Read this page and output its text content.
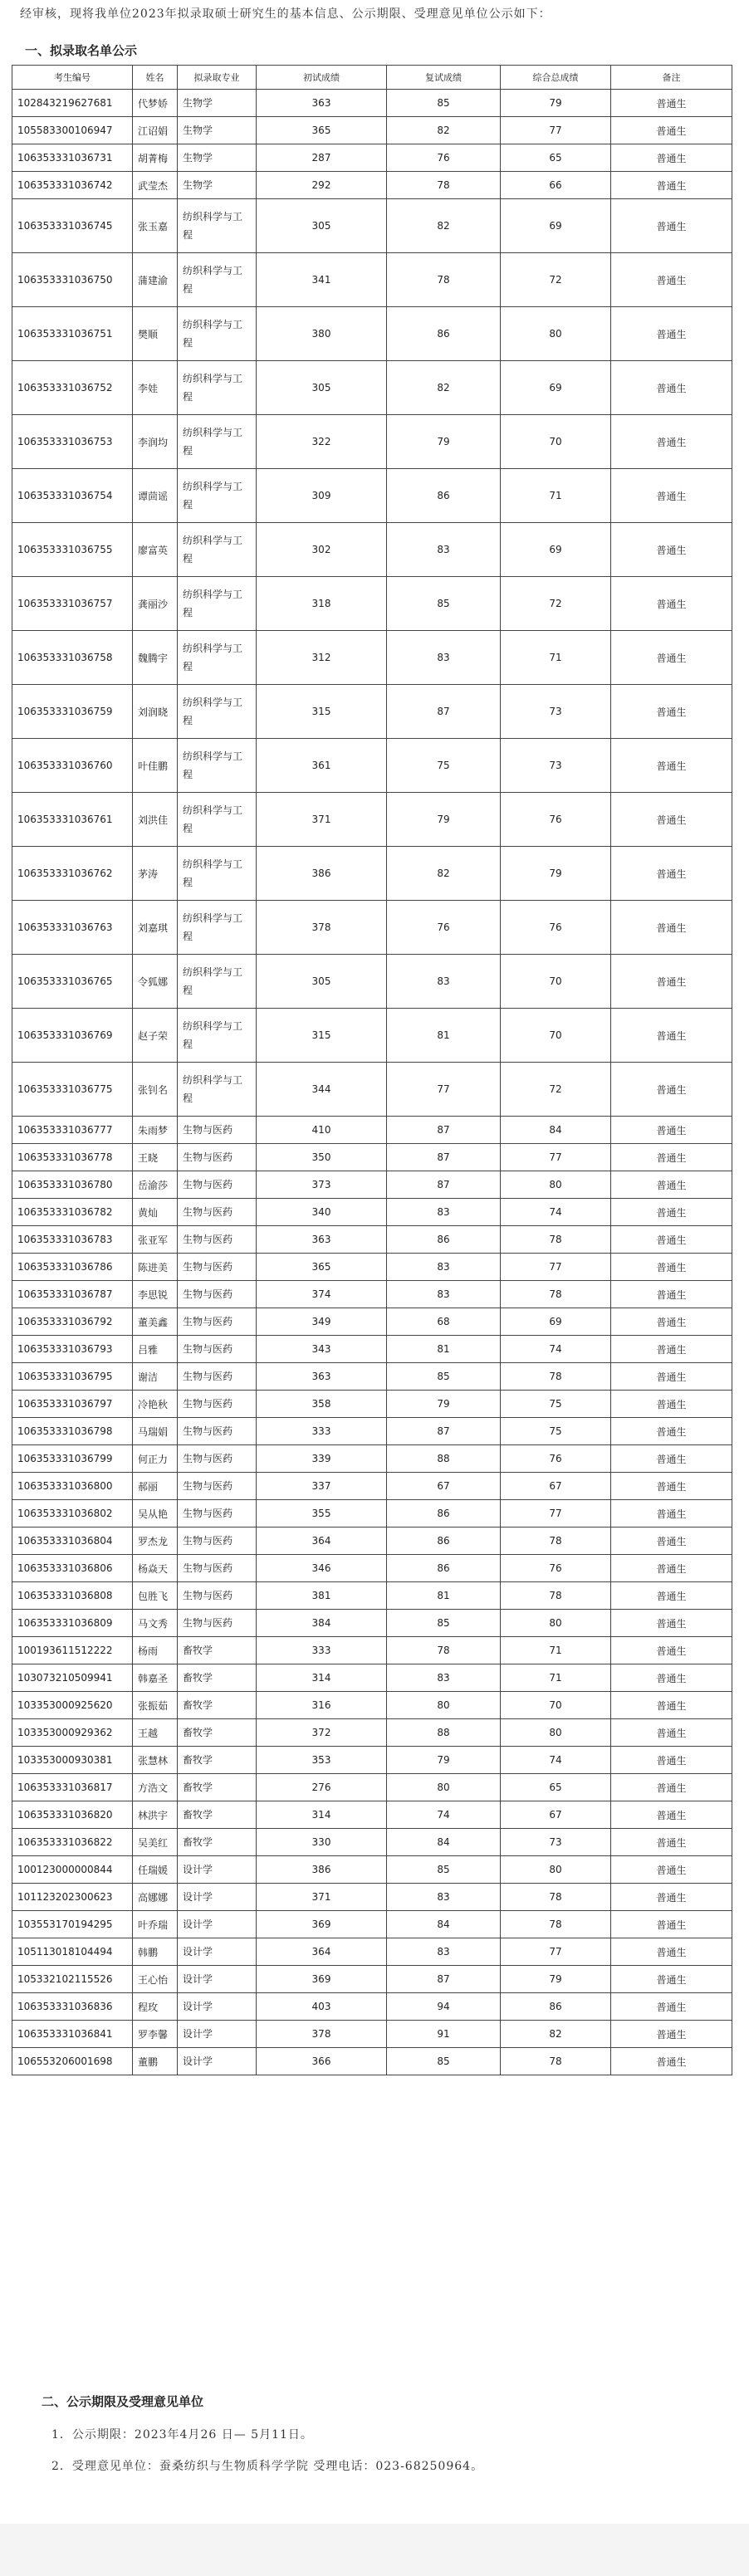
经审核，现将我单位2023年拟录取硕士研究生的基本信息、公示期限、受理意见单位公示如下：
一、拟录取名单公示
考生编号	姓名	拟录取专业	初试成绩	复试成绩	综合总成绩	备注
102843219627681	代梦娇	生物学	363	85	79	普通生
105583300106947	江诏娟	生物学	365	82	77	普通生
106353331036731	胡菁梅	生物学	287	76	65	普通生
106353331036742	武莹杰	生物学	292	78	66	普通生
106353331036745	张玉嘉	纺织科学与工程	305	82	69	普通生
106353331036750	蒲建渝	纺织科学与工程	341	78	72	普通生
106353331036751	樊顺	纺织科学与工程	380	86	80	普通生
106353331036752	李娃	纺织科学与工程	305	82	69	普通生
106353331036753	李润均	纺织科学与工程	322	79	70	普通生
106353331036754	谭茴谣	纺织科学与工程	309	86	71	普通生
106353331036755	廖富英	纺织科学与工程	302	83	69	普通生
106353331036757	龚丽沙	纺织科学与工程	318	85	72	普通生
106353331036758	魏腾宇	纺织科学与工程	312	83	71	普通生
106353331036759	刘润晓	纺织科学与工程	315	87	73	普通生
106353331036760	叶佳鹏	纺织科学与工程	361	75	73	普通生
106353331036761	刘洪佳	纺织科学与工程	371	79	76	普通生
106353331036762	茅涛	纺织科学与工程	386	82	79	普通生
106353331036763	刘嘉琪	纺织科学与工程	378	76	76	普通生
106353331036765	令狐娜	纺织科学与工程	305	83	70	普通生
106353331036769	赵子荣	纺织科学与工程	315	81	70	普通生
106353331036775	张钊名	纺织科学与工程	344	77	72	普通生
106353331036777	朱雨梦	生物与医药	410	87	84	普通生
106353331036778	王晓	生物与医药	350	87	77	普通生
106353331036780	岳渝莎	生物与医药	373	87	80	普通生
106353331036782	黄灿	生物与医药	340	83	74	普通生
106353331036783	张亚军	生物与医药	363	86	78	普通生
106353331036786	陈进美	生物与医药	365	83	77	普通生
106353331036787	李思锐	生物与医药	374	83	78	普通生
106353331036792	董美鑫	生物与医药	349	68	69	普通生
106353331036793	吕雅	生物与医药	343	81	74	普通生
106353331036795	谢洁	生物与医药	363	85	78	普通生
106353331036797	冷艳秋	生物与医药	358	79	75	普通生
106353331036798	马瑞娟	生物与医药	333	87	75	普通生
106353331036799	何正力	生物与医药	339	88	76	普通生
106353331036800	郝丽	生物与医药	337	67	67	普通生
106353331036802	吴从艳	生物与医药	355	86	77	普通生
106353331036804	罗杰龙	生物与医药	364	86	78	普通生
106353331036806	杨焱天	生物与医药	346	86	76	普通生
106353331036808	包胜飞	生物与医药	381	81	78	普通生
106353331036809	马文秀	生物与医药	384	85	80	普通生
100193611512222	杨雨	畜牧学	333	78	71	普通生
103073210509941	韩嘉圣	畜牧学	314	83	71	普通生
103353000925620	张振茹	畜牧学	316	80	70	普通生
103353000929362	王越	畜牧学	372	88	80	普通生
103353000930381	张慧林	畜牧学	353	79	74	普通生
106353331036817	方浩文	畜牧学	276	80	65	普通生
106353331036820	林洪宇	畜牧学	314	74	67	普通生
106353331036822	吴美红	畜牧学	330	84	73	普通生
100123000000844	任瑞媛	设计学	386	85	80	普通生
101123202300623	高娜娜	设计学	371	83	78	普通生
103553170194295	叶乔瑞	设计学	369	84	78	普通生
105113018104494	韩鹏	设计学	364	83	77	普通生
105332102115526	王心怡	设计学	369	87	79	普通生
106353331036836	程玫	设计学	403	94	86	普通生
106353331036841	罗李馨	设计学	378	91	82	普通生
106553206001698	董鹏	设计学	366	85	78	普通生
二、公示期限及受理意见单位
1．公示期限：2023年4月26 日— 5月11日。
2．受理意见单位：蚕桑纺织与生物质科学学院 受理电话：023-68250964。
